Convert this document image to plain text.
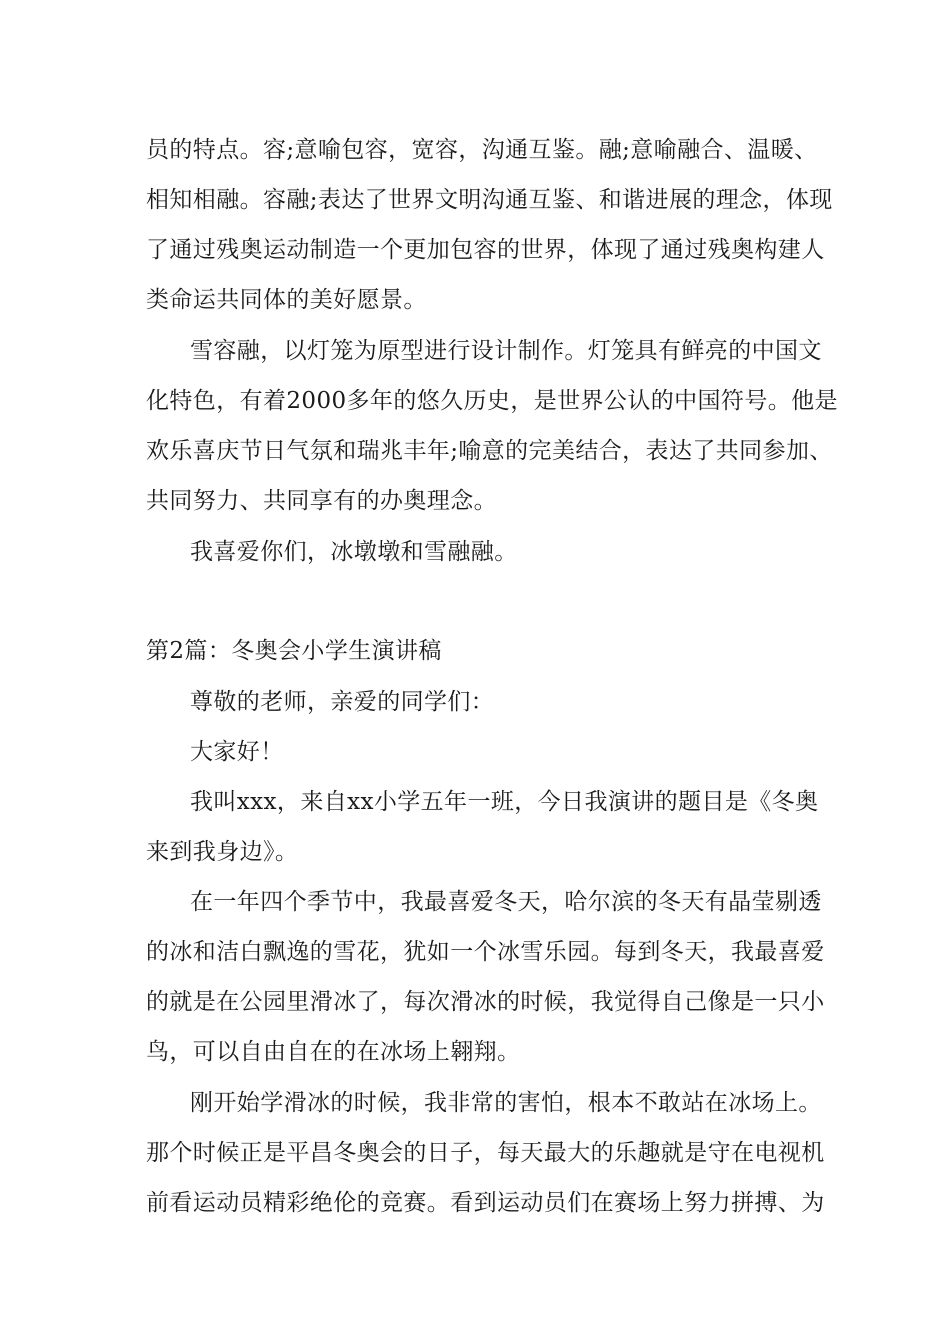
员的特点。容;意喻包容，宽容，沟通互鉴。融;意喻融合、温暖、
相知相融。容融;表达了世界文明沟通互鉴、和谐进展的理念，体现
了通过残奥运动制造一个更加包容的世界，体现了通过残奥构建人
类命运共同体的美好愿景。
雪容融，以灯笼为原型进行设计制作。灯笼具有鲜亮的中国文
化特色，有着2000多年的悠久历史，是世界公认的中国符号。他是
欢乐喜庆节日气氛和瑞兆丰年;喻意的完美结合，表达了共同参加、
共同努力、共同享有的办奥理念。
我喜爱你们，冰墩墩和雪融融。
第2篇：冬奥会小学生演讲稿
尊敬的老师，亲爱的同学们：
大家好！
我叫xxx，来自xx小学五年一班，今日我演讲的题目是《冬奥
来到我身边》。
在一年四个季节中，我最喜爱冬天，哈尔滨的冬天有晶莹剔透
的冰和洁白飘逸的雪花，犹如一个冰雪乐园。每到冬天，我最喜爱
的就是在公园里滑冰了，每次滑冰的时候，我觉得自己像是一只小
鸟，可以自由自在的在冰场上翱翔。
刚开始学滑冰的时候，我非常的害怕，根本不敢站在冰场上。
那个时候正是平昌冬奥会的日子，每天最大的乐趣就是守在电视机
前看运动员精彩绝伦的竞赛。看到运动员们在赛场上努力拼搏、为
